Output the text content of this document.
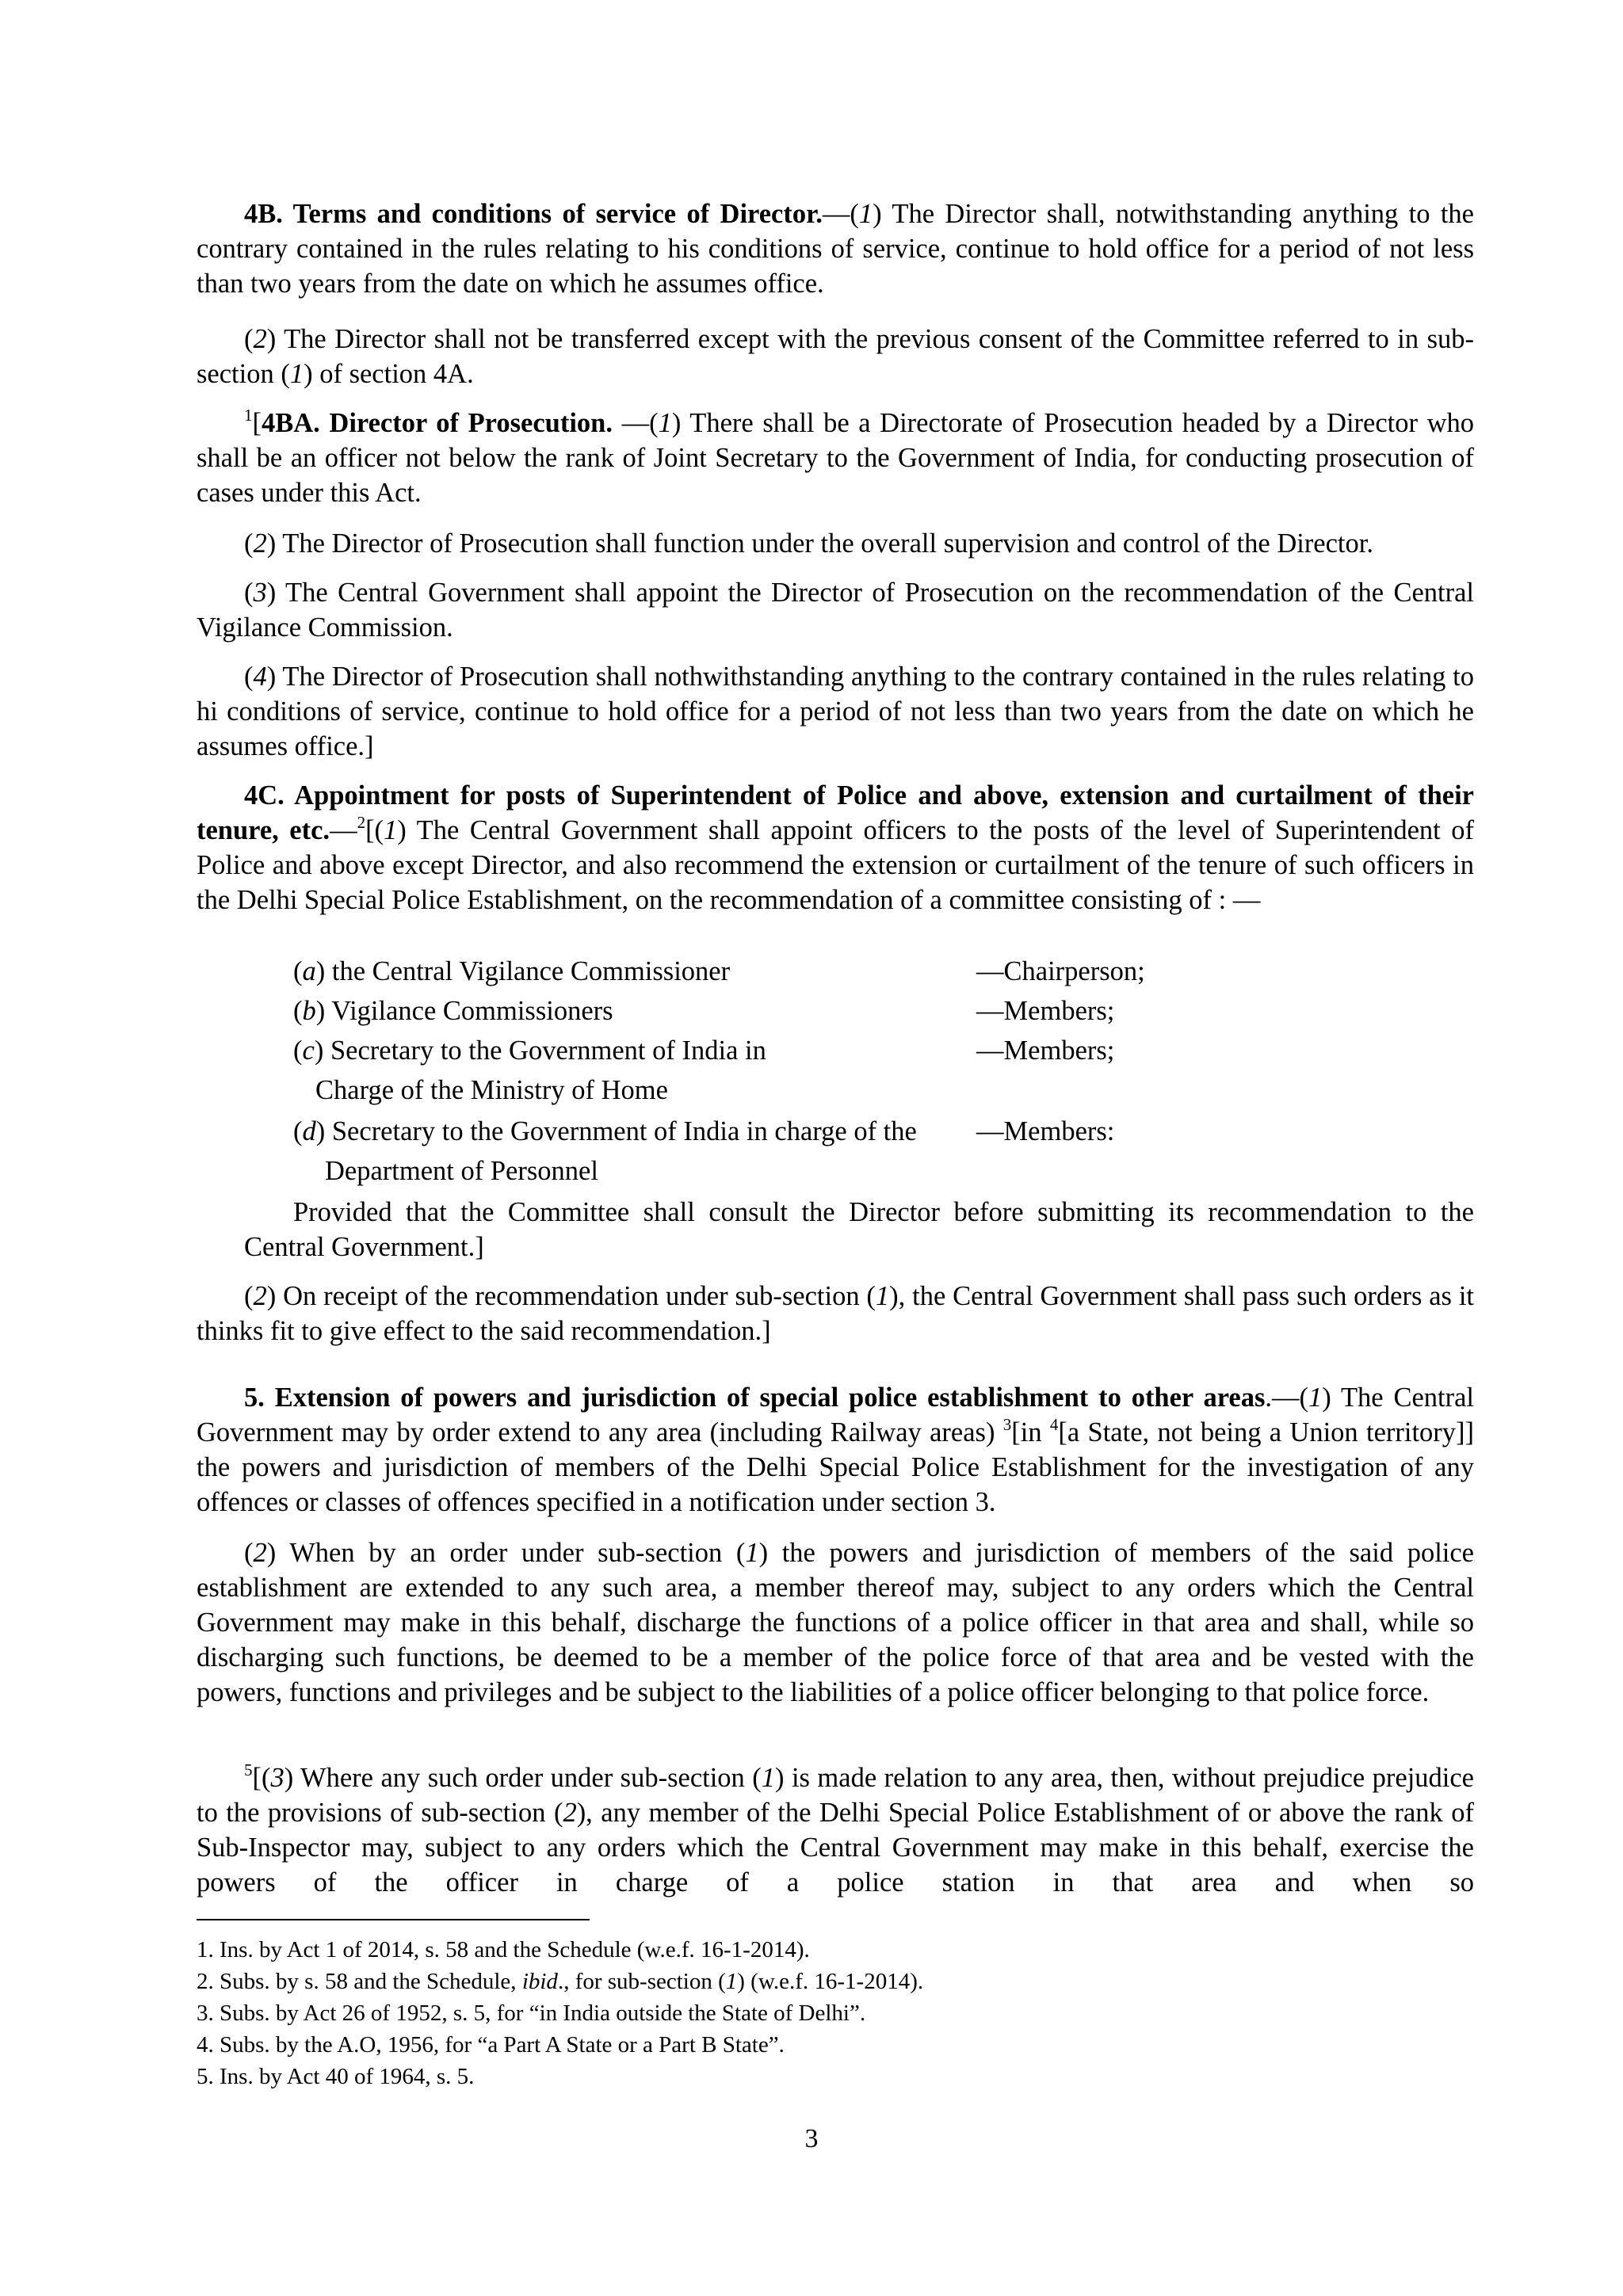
4B. Terms and conditions of service of Director.—(1) The Director shall, notwithstanding anything to the contrary contained in the rules relating to his conditions of service, continue to hold office for a period of not less than two years from the date on which he assumes office.

(2) The Director shall not be transferred except with the previous consent of the Committee referred to in sub-section (1) of section 4A.

$^1$[4BA. Director of Prosecution. —(1) There shall be a Directorate of Prosecution headed by a Director who shall be an officer not below the rank of Joint Secretary to the Government of India, for conducting prosecution of cases under this Act.

(2) The Director of Prosecution shall function under the overall supervision and control of the Director.

(3) The Central Government shall appoint the Director of Prosecution on the recommendation of the Central Vigilance Commission.

(4) The Director of Prosecution shall nothwithstanding anything to the contrary contained in the rules relating to hi conditions of service, continue to hold office for a period of not less than two years from the date on which he assumes office.]

4C. Appointment for posts of Superintendent of Police and above, extension and curtailment of their tenure, etc.—$^2$[(1) The Central Government shall appoint officers to the posts of the level of Superintendent of Police and above except Director, and also recommend the extension or curtailment of the tenure of such officers in the Delhi Special Police Establishment, on the recommendation of a committee consisting of : —

(a) the Central Vigilance Commissioner	—Chairperson;
(b) Vigilance Commissioners	—Members;
(c) Secretary to the Government of India in	—Members;
Charge of the Ministry of Home
(d) Secretary to the Government of India in charge of the —Members:
Department of Personnel
Provided that the Committee shall consult the Director before submitting its recommendation to the
Central Government.]

(2) On receipt of the recommendation under sub-section (1), the Central Government shall pass such orders as it thinks fit to give effect to the said recommendation.]

5. Extension of powers and jurisdiction of special police establishment to other areas.—(1) The Central Government may by order extend to any area (including Railway areas) $^3$[in $^4$[a State, not being a Union territory]] the powers and jurisdiction of members of the Delhi Special Police Establishment for the investigation of any offences or classes of offences specified in a notification under section 3.

(2) When by an order under sub-section (1) the powers and jurisdiction of members of the said police establishment are extended to any such area, a member thereof may, subject to any orders which the Central Government may make in this behalf, discharge the functions of a police officer in that area and shall, while so discharging such functions, be deemed to be a member of the police force of that area and be vested with the powers, functions and privileges and be subject to the liabilities of a police officer belonging to that police force.

$^5$[(3) Where any such order under sub-section (1) is made relation to any area, then, without prejudice prejudice to the provisions of sub-section (2), any member of the Delhi Special Police Establishment of or above the rank of Sub-Inspector may, subject to any orders which the Central Government may make in this behalf, exercise the powers of the officer in charge of a police station in that area and when so

1. Ins. by Act 1 of 2014, s. 58 and the Schedule (w.e.f. 16-1-2014).
2. Subs. by s. 58 and the Schedule, ibid., for sub-section (1) (w.e.f. 16-1-2014).
3. Subs. by Act 26 of 1952, s. 5, for “in India outside the State of Delhi”.
4. Subs. by the A.O, 1956, for “a Part A State or a Part B State”.
5. Ins. by Act 40 of 1964, s. 5.
3
